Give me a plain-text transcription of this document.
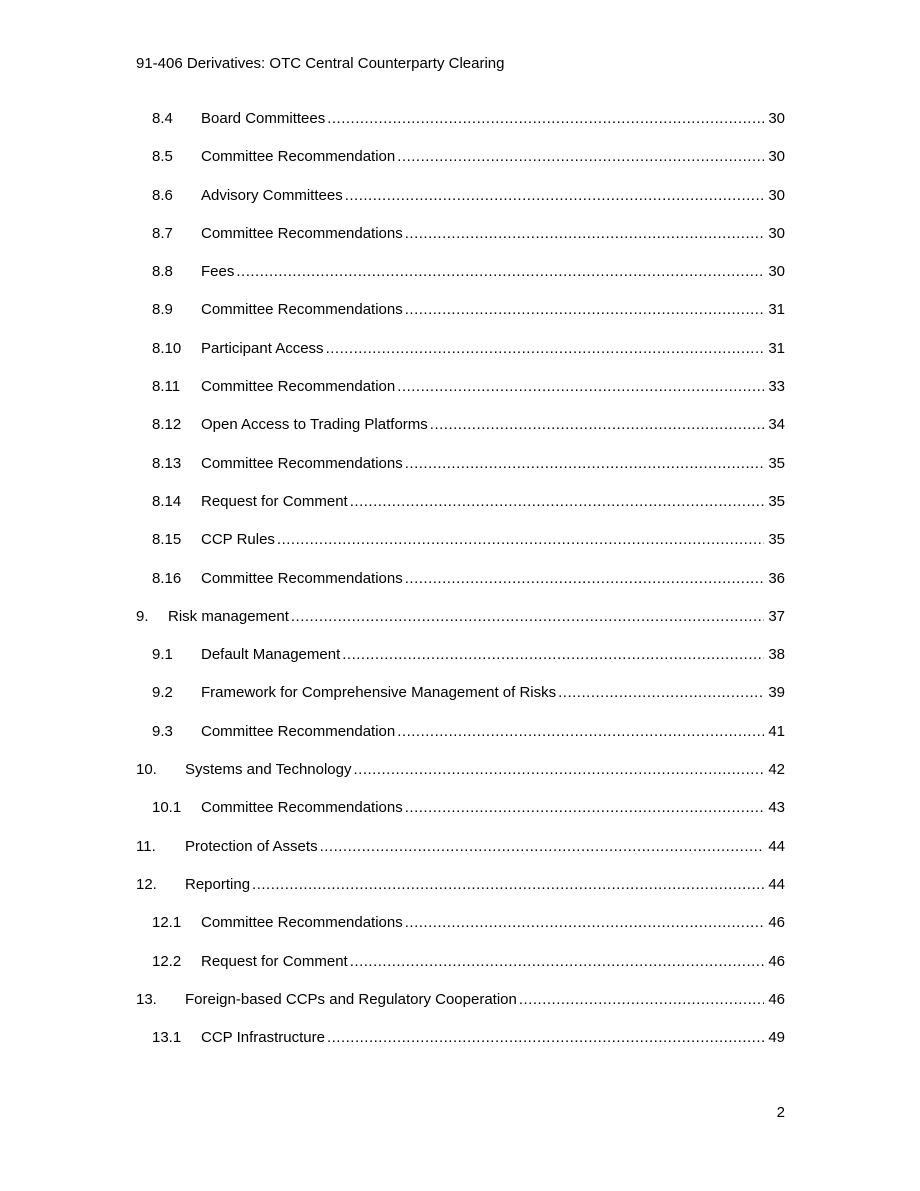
91-406 Derivatives: OTC Central Counterparty Clearing
8.4 Board Committees .....	30
8.5 Committee Recommendation .....	30
8.6 Advisory Committees .....	30
8.7 Committee Recommendations .....	30
8.8 Fees .....	30
8.9 Committee Recommendations .....	31
8.10 Participant Access .....	31
8.11 Committee Recommendation .....	33
8.12 Open Access to Trading Platforms .....	34
8.13 Committee Recommendations .....	35
8.14 Request for Comment .....	35
8.15 CCP Rules .....	35
8.16 Committee Recommendations .....	36
9. Risk management .....	37
9.1 Default Management .....	38
9.2 Framework for Comprehensive Management of Risks .....	39
9.3 Committee Recommendation .....	41
10. Systems and Technology .....	42
10.1 Committee Recommendations .....	43
11. Protection of Assets .....	44
12. Reporting .....	44
12.1 Committee Recommendations .....	46
12.2 Request for Comment .....	46
13. Foreign-based CCPs and Regulatory Cooperation .....	46
13.1 CCP Infrastructure .....	49
2
